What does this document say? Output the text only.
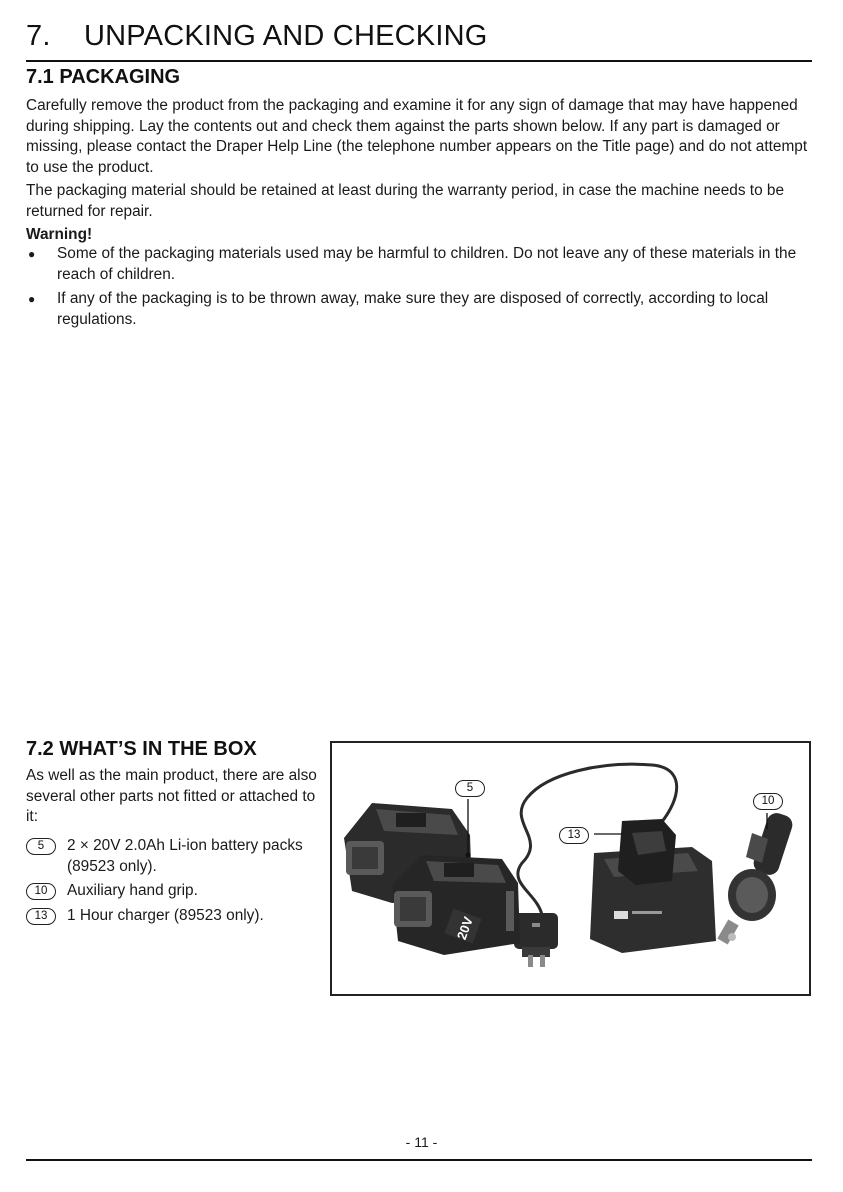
7. UNPACKING AND CHECKING
7.1 PACKAGING

Carefully remove the product from the packaging and examine it for any sign of damage that may have happened during shipping. Lay the contents out and check them against the parts shown below. If any part is damaged or missing, please contact the Draper Help Line (the telephone number appears on the Title page) and do not attempt to use the product.

The packaging material should be retained at least during the warranty period, in case the machine needs to be returned for repair.

Warning!
● Some of the packaging materials used may be harmful to children. Do not leave any of these materials in the reach of children.
● If any of the packaging is to be thrown away, make sure they are disposed of correctly, according to local regulations.
7.2 WHAT’S IN THE BOX

As well as the main product, there are also several other parts not fitted or attached to it:

5	2 × 20V 2.0Ah Li-ion battery packs (89523 only).
10	Auxiliary hand grip.
13	1 Hour charger (89523 only).	20V
5
13
10
- 11 -
